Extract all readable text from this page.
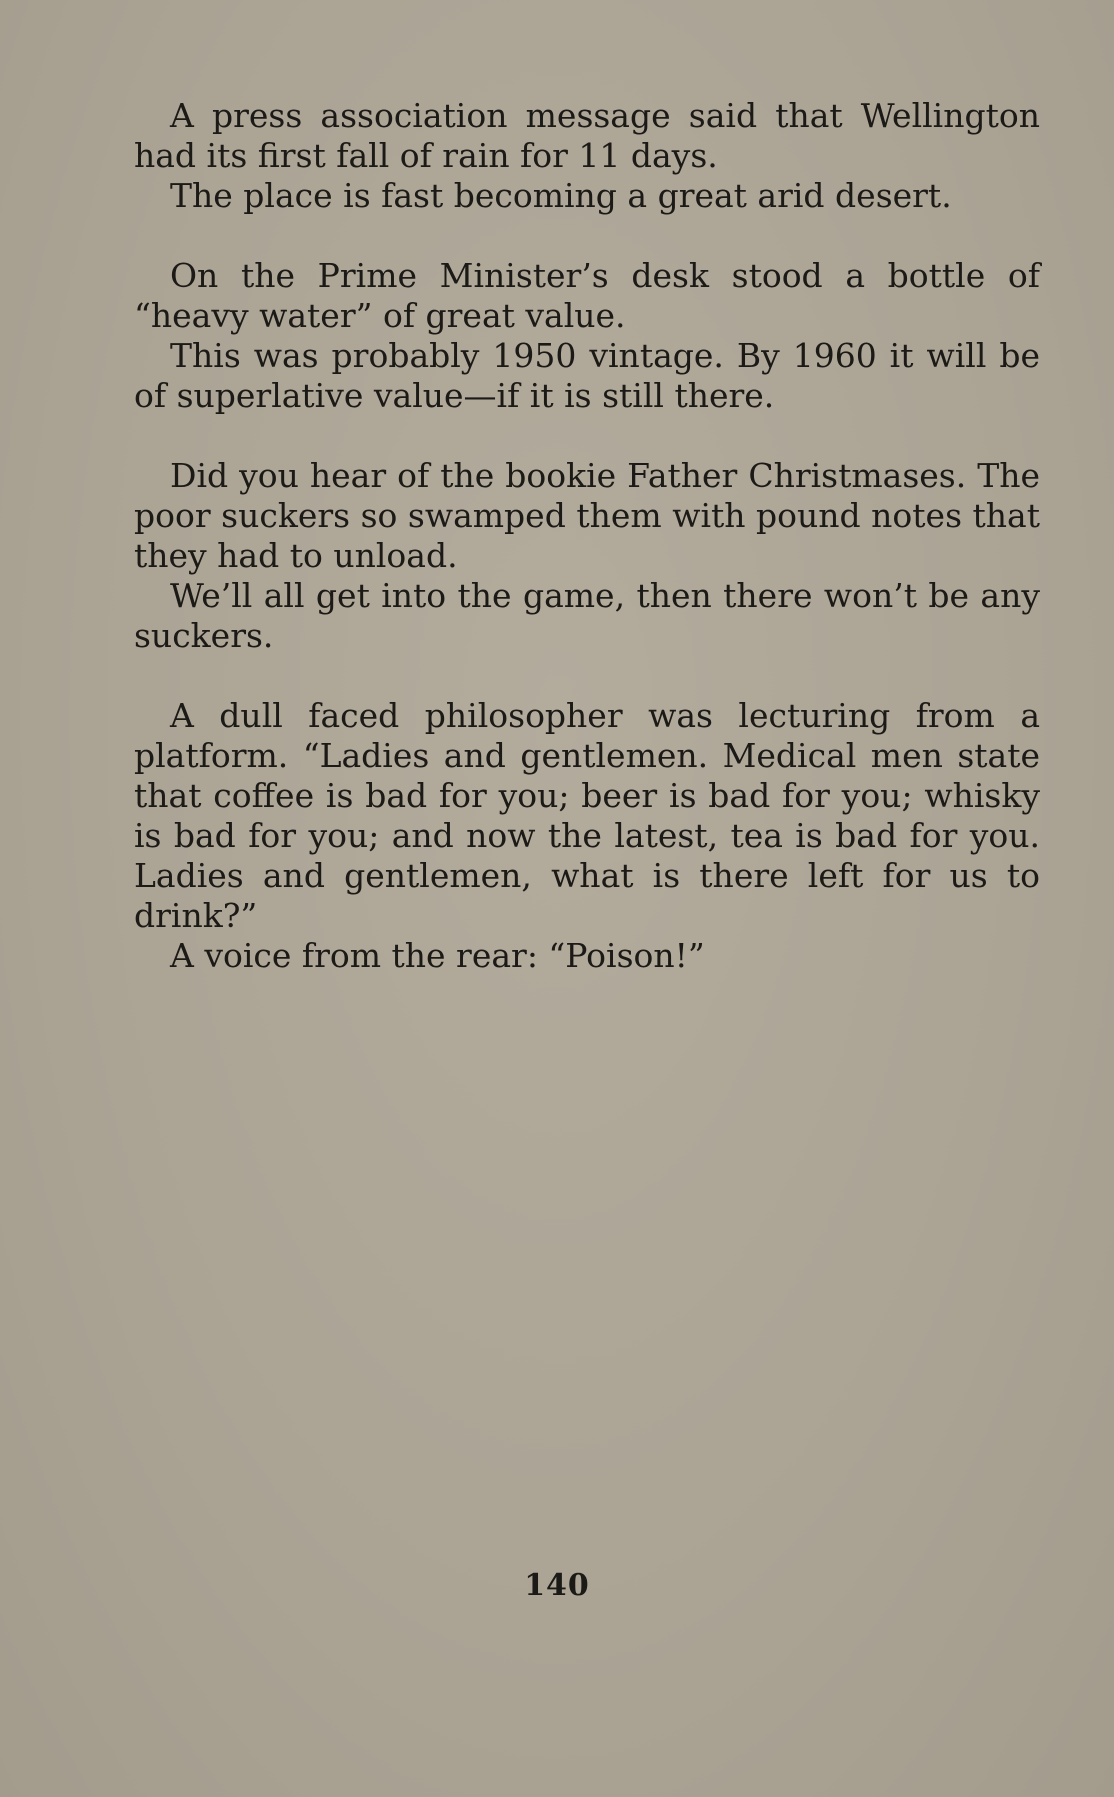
A press association message said that Wellington had its first fall of rain for 11 days.

The place is fast becoming a great arid desert.

On the Prime Minister’s desk stood a bottle of “heavy water” of great value.

This was probably 1950 vintage. By 1960 it will be of superlative value—if it is still there.

Did you hear of the bookie Father Christmases. The poor suckers so swamped them with pound notes that they had to unload.

We’ll all get into the game, then there won’t be any suckers.

A dull faced philosopher was lecturing from a platform. “Ladies and gentlemen. Medical men state that coffee is bad for you; beer is bad for you; whisky is bad for you; and now the latest, tea is bad for you. Ladies and gentlemen, what is there left for us to drink?”

A voice from the rear: “Poison!”

140
